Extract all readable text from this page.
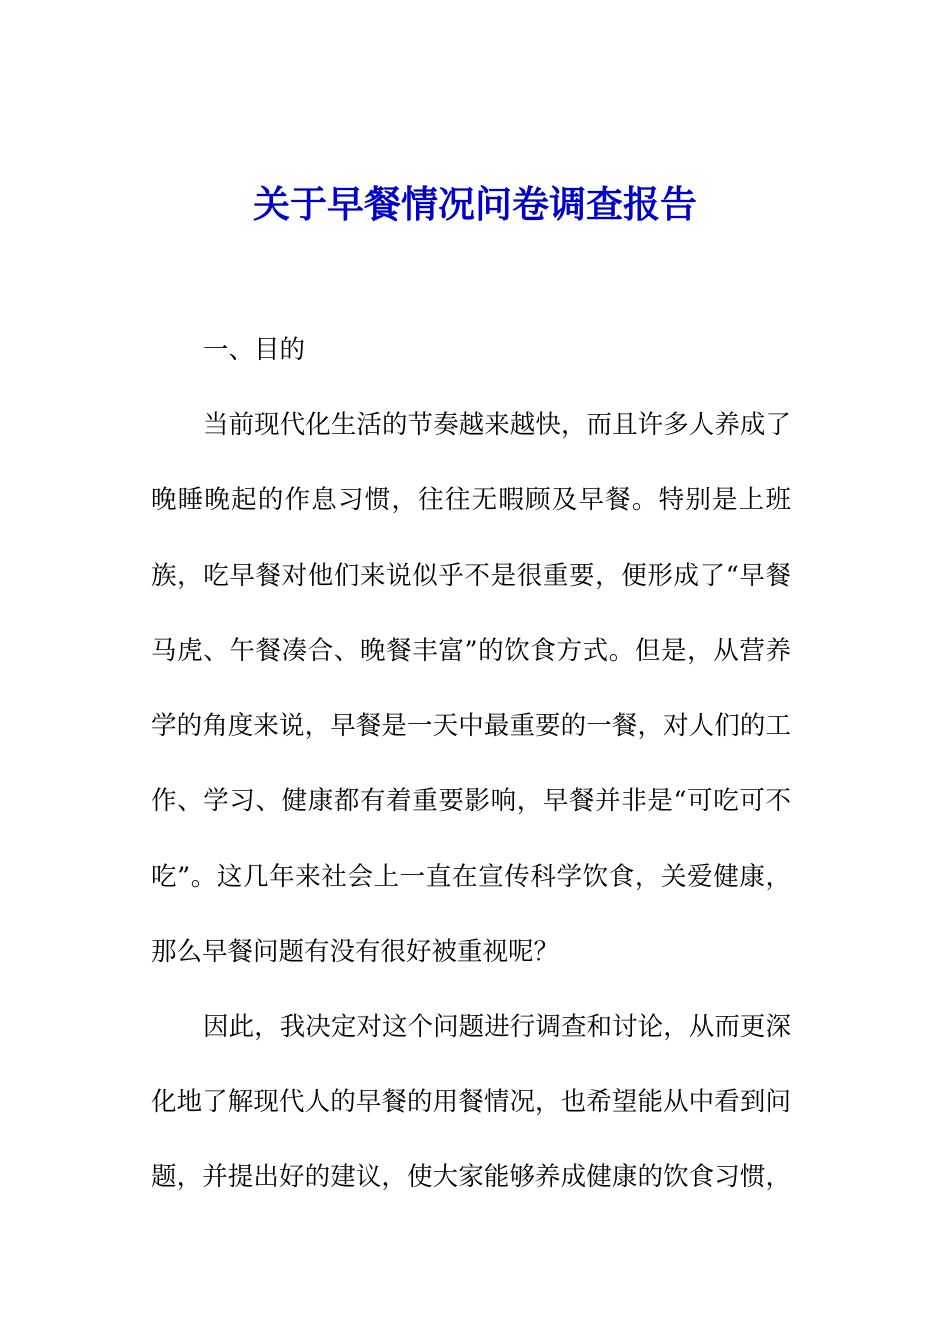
关于早餐情况问卷调查报告
一、目的
当前现代化生活的节奏越来越快，而且许多人养成了
晚睡晚起的作息习惯，往往无暇顾及早餐。特别是上班
族，吃早餐对他们来说似乎不是很重要，便形成了“早餐
马虎、午餐凑合、晚餐丰富”的饮食方式。但是，从营养
学的角度来说，早餐是一天中最重要的一餐，对人们的工
作、学习、健康都有着重要影响，早餐并非是“可吃可不
吃”。这几年来社会上一直在宣传科学饮食，关爱健康，
那么早餐问题有没有很好被重视呢？
因此，我决定对这个问题进行调查和讨论，从而更深
化地了解现代人的早餐的用餐情况，也希望能从中看到问
题，并提出好的建议，使大家能够养成健康的饮食习惯，
